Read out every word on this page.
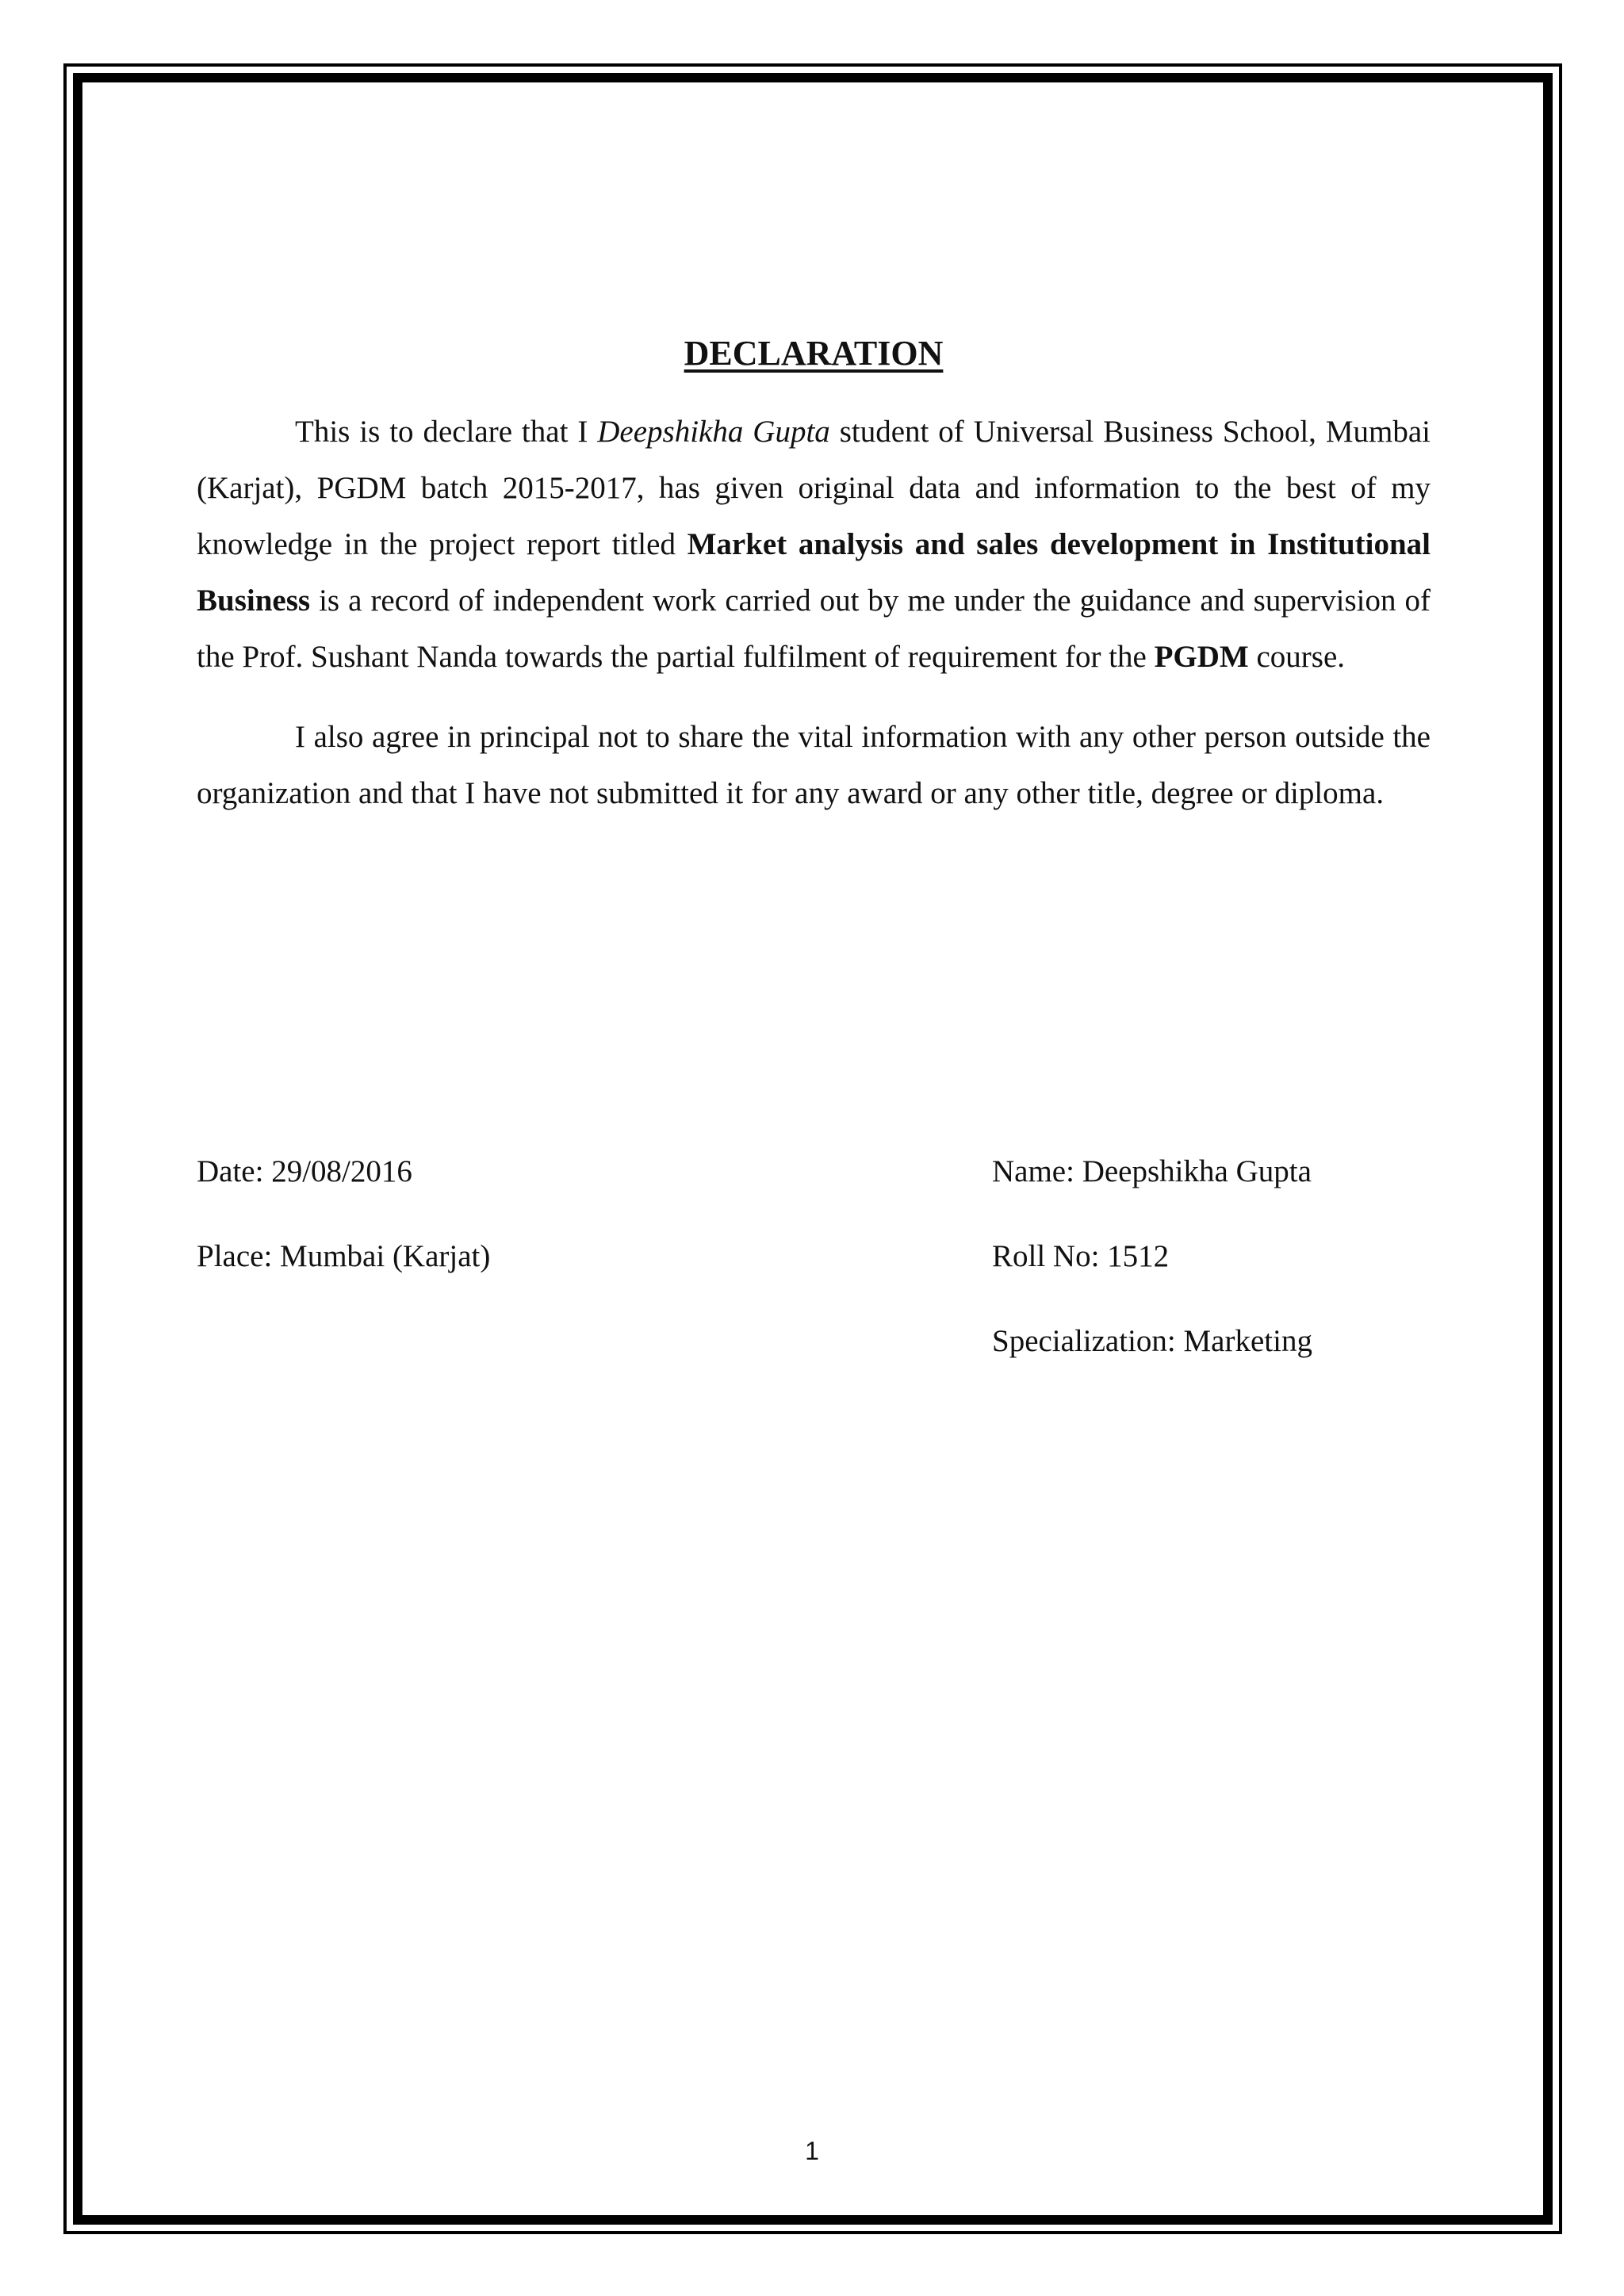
DECLARATION

This is to declare that I Deepshikha Gupta student of Universal Business School, Mumbai (Karjat), PGDM batch 2015-2017, has given original data and information to the best of my knowledge in the project report titled Market analysis and sales development in Institutional Business is a record of independent work carried out by me under the guidance and supervision of the Prof. Sushant Nanda towards the partial fulfilment of requirement for the PGDM course.

I also agree in principal not to share the vital information with any other person outside the organization and that I have not submitted it for any award or any other title, degree or diploma.

Date: 29/08/2016	Name: Deepshikha Gupta
Place: Mumbai (Karjat)	Roll No: 1512
Specialization: Marketing
1
